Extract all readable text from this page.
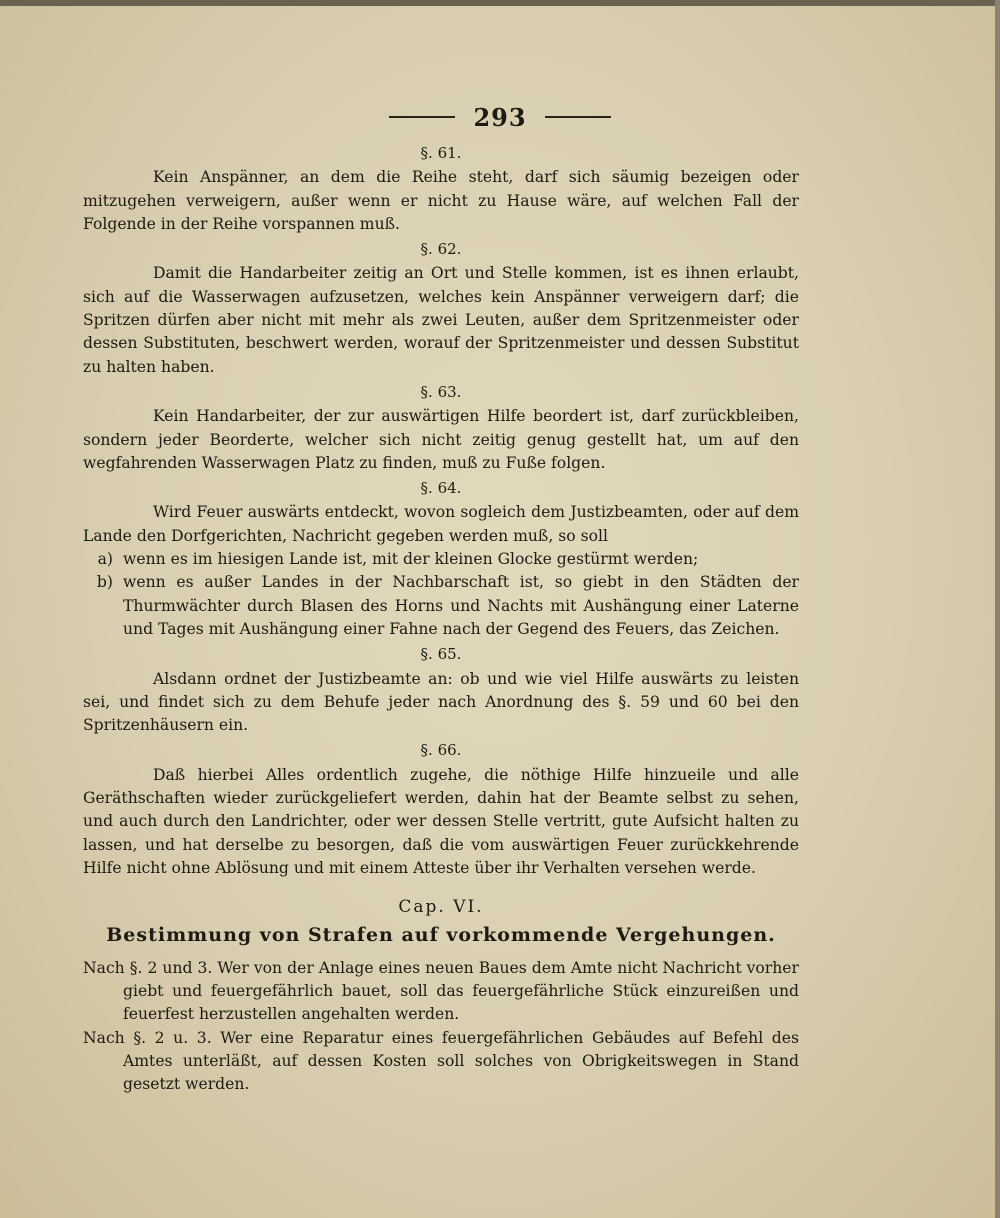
293
§. 61.

Kein Anspänner, an dem die Reihe steht, darf sich säumig bezeigen oder mitzugehen verweigern, außer wenn er nicht zu Hause wäre, auf welchen Fall der Folgende in der Reihe vorspannen muß.

§. 62.

Damit die Handarbeiter zeitig an Ort und Stelle kommen, ist es ihnen erlaubt, sich auf die Wasserwagen aufzusetzen, welches kein Anspänner verweigern darf; die Spritzen dürfen aber nicht mit mehr als zwei Leuten, außer dem Spritzenmeister oder dessen Substituten, beschwert werden, worauf der Spritzenmeister und dessen Substitut zu halten haben.

§. 63.

Kein Handarbeiter, der zur auswärtigen Hilfe beordert ist, darf zurückbleiben, sondern jeder Beorderte, welcher sich nicht zeitig genug gestellt hat, um auf den wegfahrenden Wasserwagen Platz zu finden, muß zu Fuße folgen.

§. 64.

Wird Feuer auswärts entdeckt, wovon sogleich dem Justizbeamten, oder auf dem Lande den Dorfgerichten, Nachricht gegeben werden muß, so soll

a) wenn es im hiesigen Lande ist, mit der kleinen Glocke gestürmt werden;
b) wenn es außer Landes in der Nachbarschaft ist, so giebt in den Städten der Thurmwächter durch Blasen des Horns und Nachts mit Aushängung einer Laterne und Tages mit Aushängung einer Fahne nach der Gegend des Feuers, das Zeichen.
§. 65.

Alsdann ordnet der Justizbeamte an: ob und wie viel Hilfe auswärts zu leisten sei, und findet sich zu dem Behufe jeder nach Anordnung des §. 59 und 60 bei den Spritzenhäusern ein.

§. 66.

Daß hierbei Alles ordentlich zugehe, die nöthige Hilfe hinzueile und alle Geräthschaften wieder zurückgeliefert werden, dahin hat der Beamte selbst zu sehen, und auch durch den Landrichter, oder wer dessen Stelle vertritt, gute Aufsicht halten zu lassen, und hat derselbe zu besorgen, daß die vom auswärtigen Feuer zurückkehrende Hilfe nicht ohne Ablösung und mit einem Atteste über ihr Verhalten versehen werde.

Cap. VI.
Bestimmung von Strafen auf vorkommende Vergehungen.

Nach §. 2 und 3. Wer von der Anlage eines neuen Baues dem Amte nicht Nachricht vorher giebt und feuergefährlich bauet, soll das feuergefährliche Stück einzureißen und feuerfest herzustellen angehalten werden.

Nach §. 2 u. 3. Wer eine Reparatur eines feuergefährlichen Gebäudes auf Befehl des Amtes unterläßt, auf dessen Kosten soll solches von Obrigkeitswegen in Stand gesetzt werden.
